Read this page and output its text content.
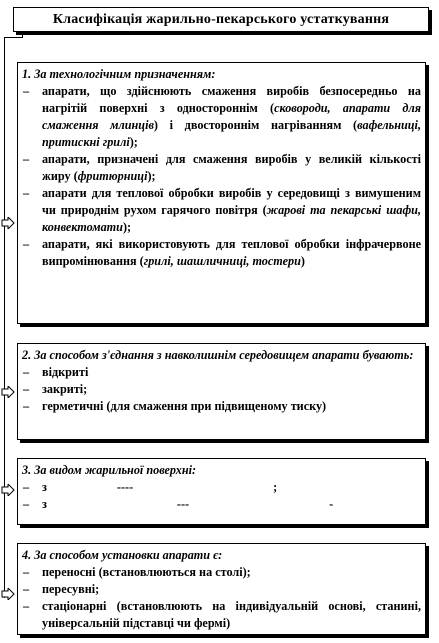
Класифікація жарильно-пекарського устаткування
1. За технологічним призначенням:
– апарати, що здійснюють смаження виробів безпосередньо на нагрітій поверхні з одностороннім (сковороди, апарати для смаження млинців) і двостороннім нагріванням (вафельниці, притискні грилі);
– апарати, призначені для смаження виробів у великій кількості жиру (фритюрниці);
– апарати для теплової обробки виробів у середовищі з вимушеним чи природнім рухом гарячого повітря (жарові та пекарські шафи, конвектомати);
– апарати, які використовують для теплової обробки інфрачервоне випромінювання (грилі, шашличниці, тостери)
2. За способом з'єднання з навколишнім середовищем апарати бувають:
– відкриті
– закриті;
– герметичні (для смаження при підвищеному тиску)
3. За видом жарильної поверхні:
– з	----	;
– з	---	-
4. За способом установки апарати є:
– переносні (встановлюються на столі);
– пересувні;
– стаціонарні (встановлюють на індивідуальній основі, станині, універсальній підставці чи фермі)
